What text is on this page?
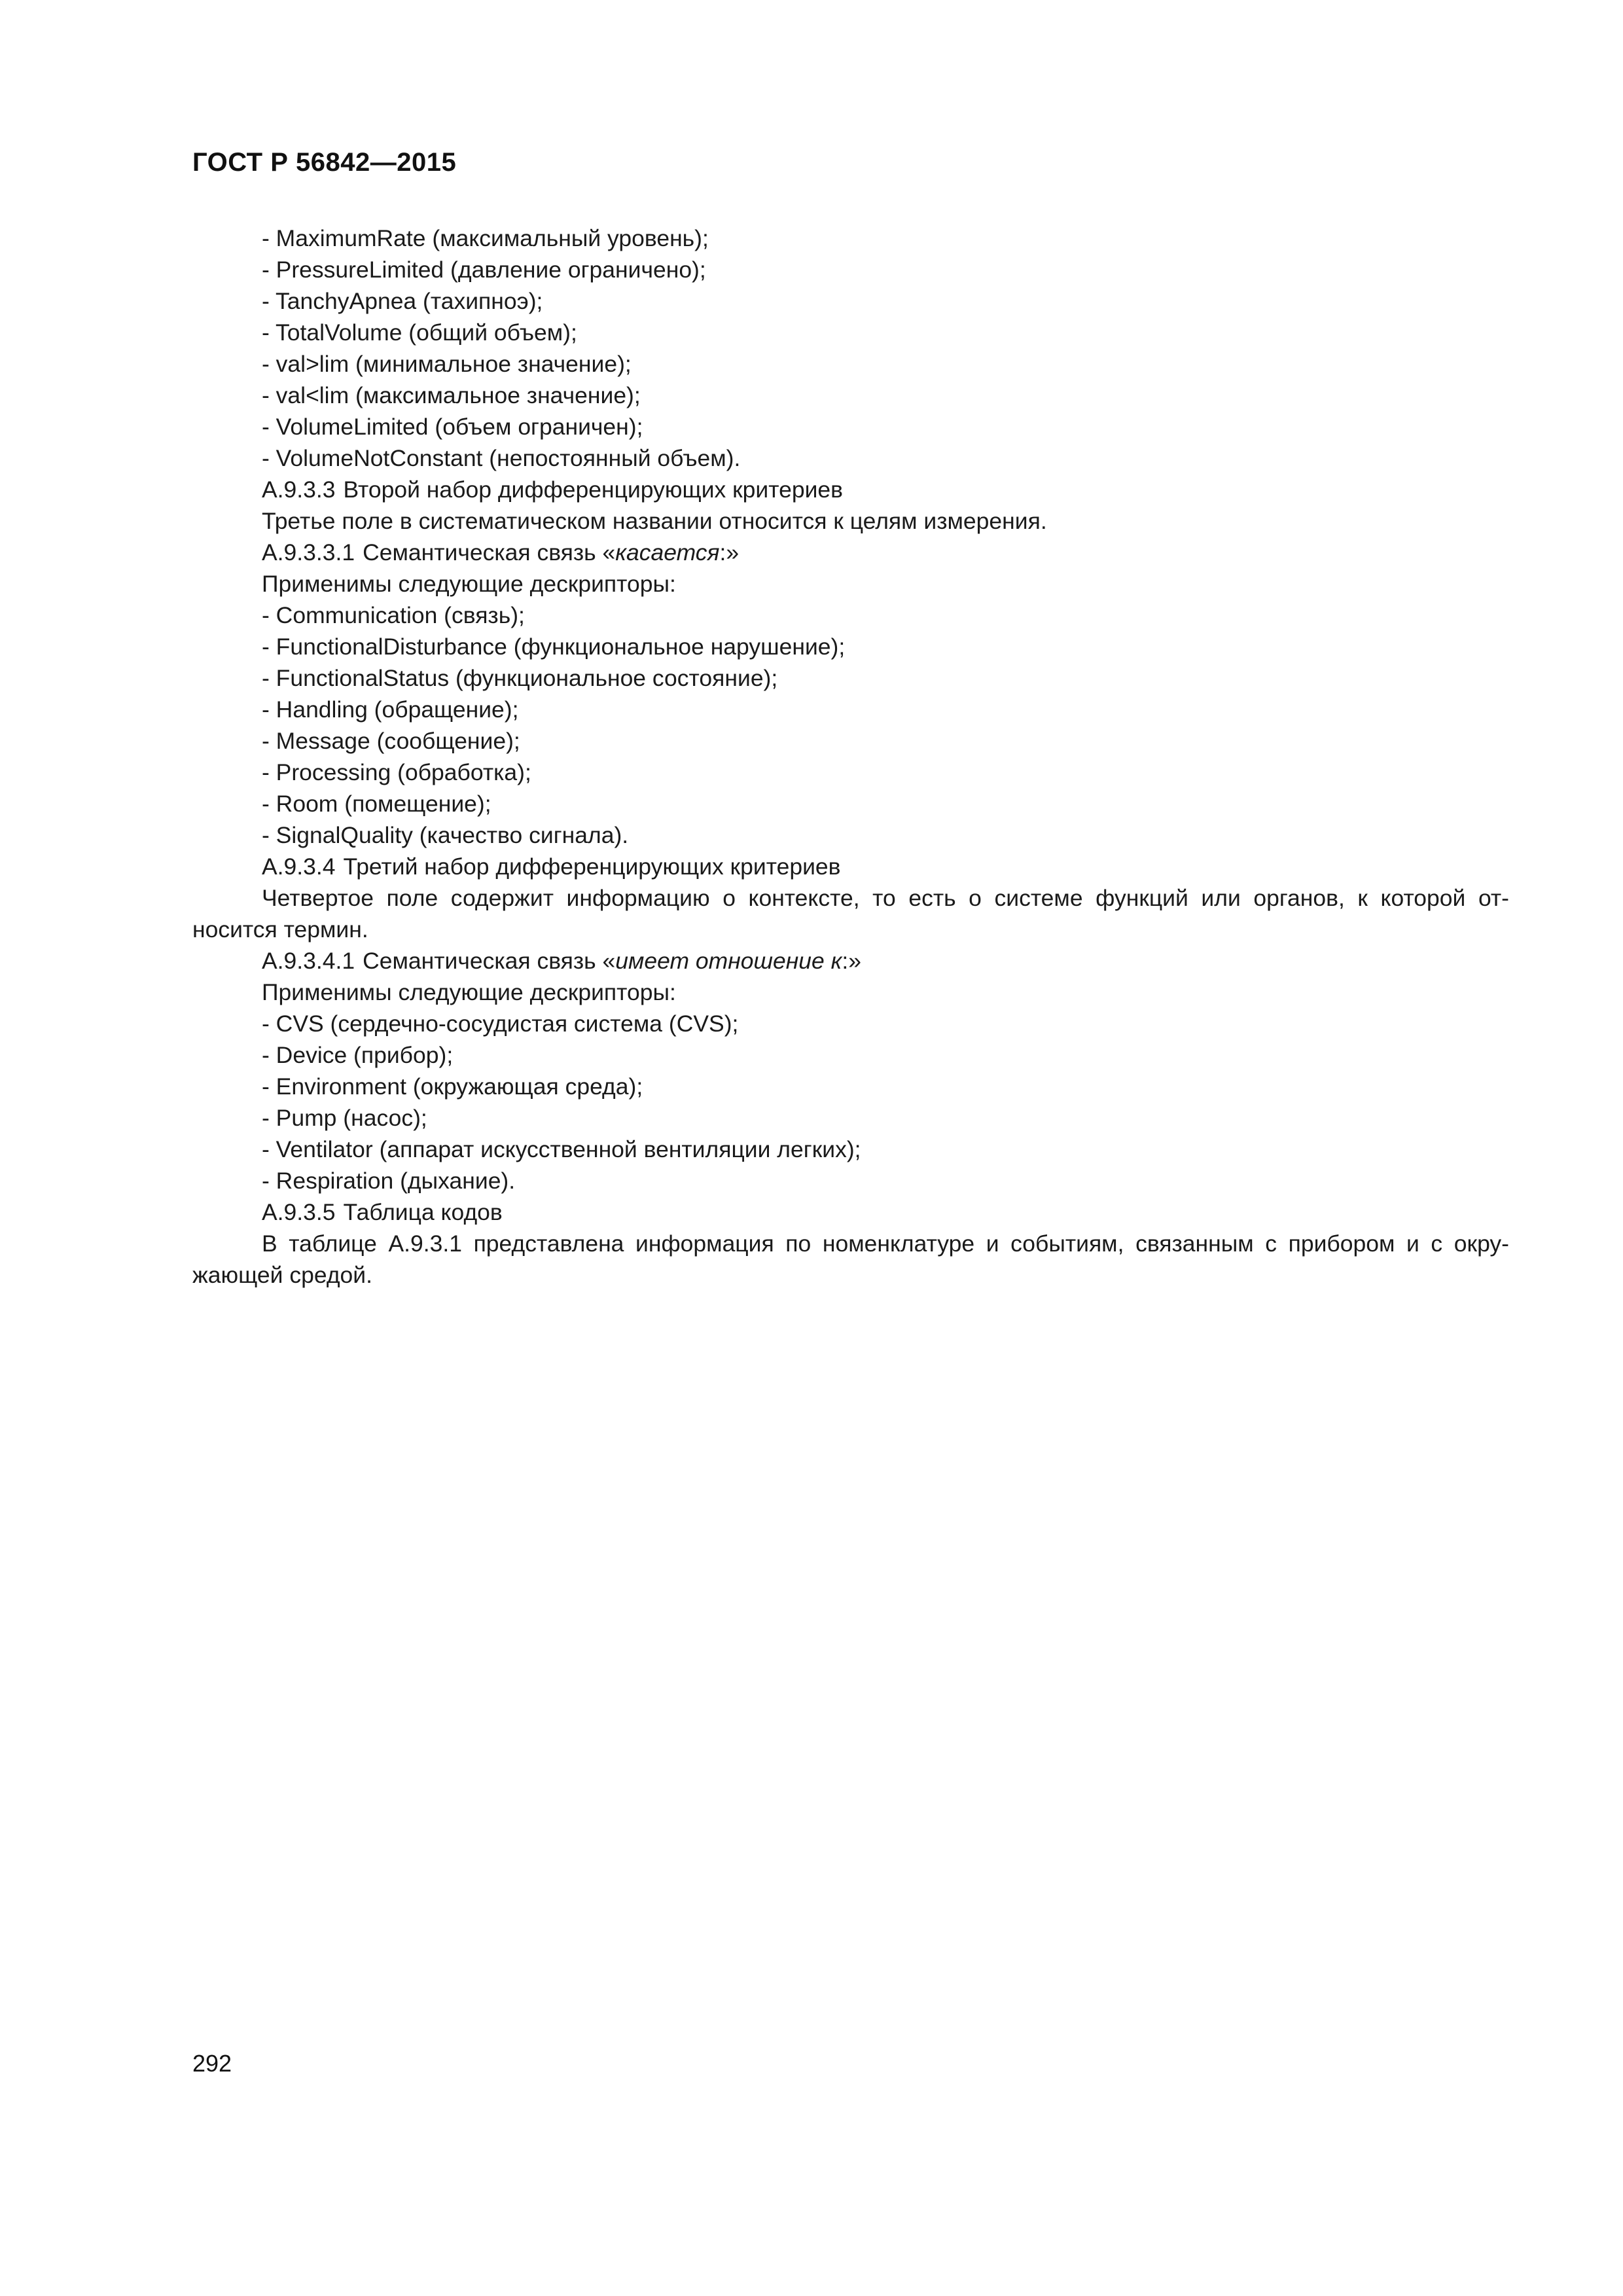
ГОСТ Р 56842—2015
- MaximumRate (максимальный уровень);
- PressureLimited (давление ограничено);
- TanchyApnea (тахипноэ);
- TotalVolume (общий объем);
- val>lim (минимальное значение);
- val<lim (максимальное значение);
- VolumeLimited (объем ограничен);
- VolumeNotConstant (непостоянный объем).
А.9.3.3 Второй набор дифференцирующих критериев
Третье поле в систематическом названии относится к целям измерения.
А.9.3.3.1 Семантическая связь «касается:»
Применимы следующие дескрипторы:
- Communication (связь);
- FunctionalDisturbance (функциональное нарушение);
- FunctionalStatus (функциональное состояние);
- Handling (обращение);
- Message (сообщение);
- Processing (обработка);
- Room (помещение);
- SignalQuality (качество сигнала).
А.9.3.4 Третий набор дифференцирующих критериев
Четвертое поле содержит информацию о контексте, то есть о системе функций или органов, к которой от-
носится термин.
А.9.3.4.1 Семантическая связь «имеет отношение к:»
Применимы следующие дескрипторы:
- CVS (сердечно-сосудистая система (CVS);
- Device (прибор);
- Environment (окружающая среда);
- Pump (насос);
- Ventilator (аппарат искусственной вентиляции легких);
- Respiration (дыхание).
А.9.3.5 Таблица кодов
В таблице А.9.3.1 представлена информация по номенклатуре и событиям, связанным с прибором и с окру-
жающей средой.
292
